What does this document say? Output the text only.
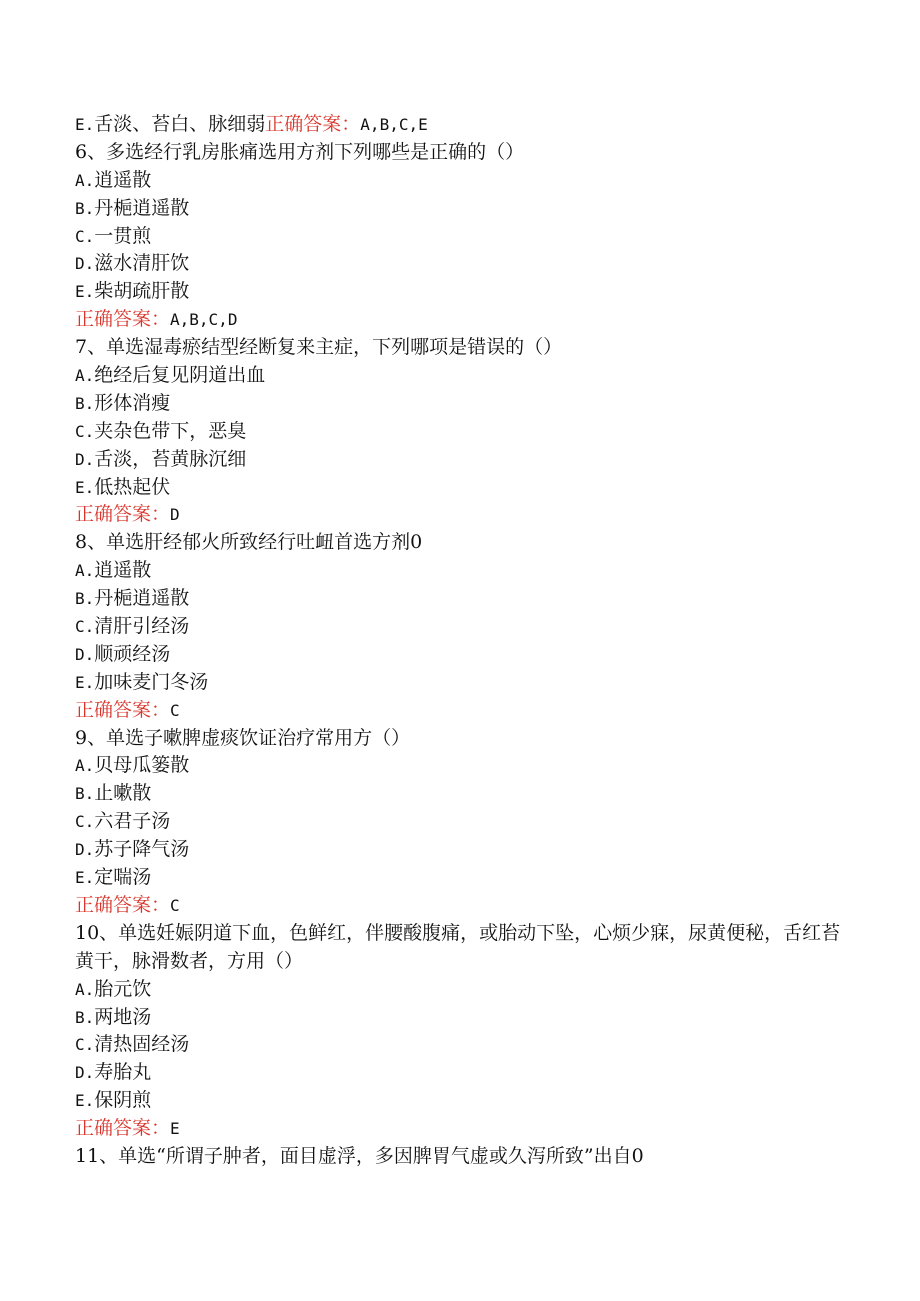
E.舌淡、苔白、脉细弱正确答案：A,B,C,E
6、多选经行乳房胀痛选用方剂下列哪些是正确的（）
A.逍遥散
B.丹梔逍遥散
C.一贯煎
D.滋水清肝饮
E.柴胡疏肝散
正确答案：A,B,C,D
7、单选湿毒瘀结型经断复来主症，下列哪项是错误的（）
A.绝经后复见阴道出血
B.形体消瘦
C.夹杂色带下，恶臭
D.舌淡，苔黄脉沉细
E.低热起伏
正确答案：D
8、单选肝经郁火所致经行吐衄首选方剂0
A.逍遥散
B.丹梔逍遥散
C.清肝引经汤
D.顺顽经汤
E.加味麦门冬汤
正确答案：C
9、单选子嗽脾虚痰饮证治疗常用方（）
A.贝母瓜篓散
B.止嗽散
C.六君子汤
D.苏子降气汤
E.定喘汤
正确答案：C
10、单选妊娠阴道下血，色鲜红，伴腰酸腹痛，或胎动下坠，心烦少寐，尿黄便秘，舌红苔黄干，脉滑数者，方用（）
A.胎元饮
B.两地汤
C.清热固经汤
D.寿胎丸
E.保阴煎
正确答案：E
11、单选“所谓子肿者，面目虚浮，多因脾胃气虚或久泻所致”出自0
